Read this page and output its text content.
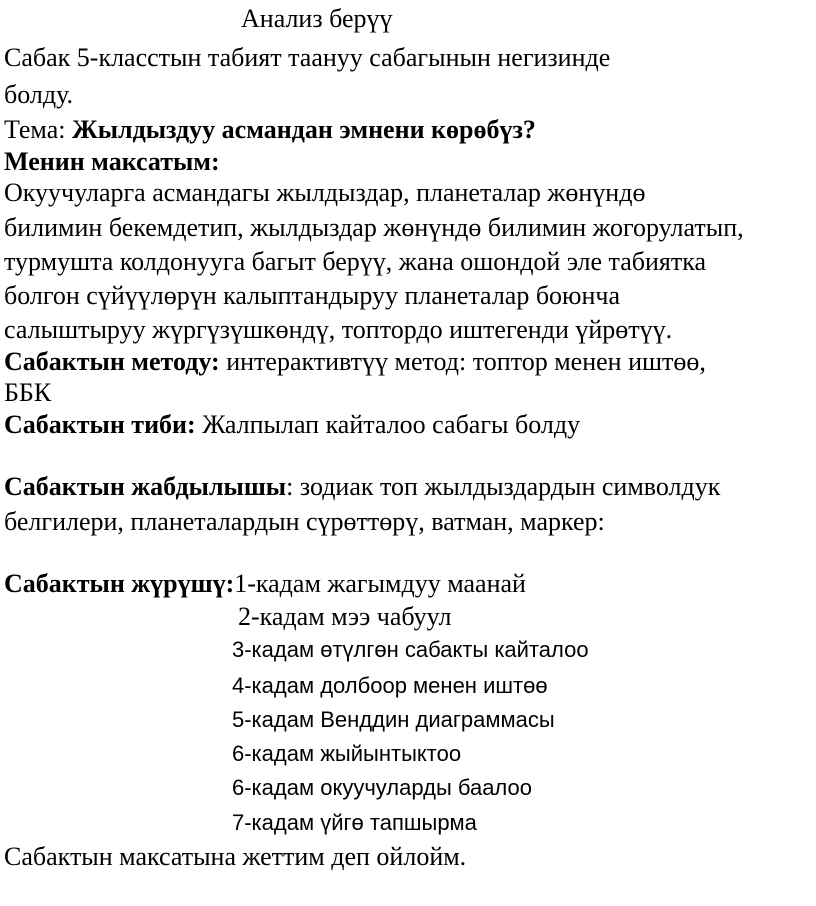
Анализ берүү
Сабак 5-класстын табият таануу сабагынын негизинде
болду.
Тема: Жылдыздуу асмандан эмнени көрөбүз?
Менин максатым:
Окуучуларга асмандагы жылдыздар, планеталар жөнүндө
билимин бекемдетип, жылдыздар жөнүндө билимин жогорулатып,
турмушта колдонууга багыт берүү, жана ошондой эле табиятка
болгон сүйүүлөрүн калыптандыруу планеталар боюнча
салыштыруу жүргүзүшкөндү, топтордо иштегенди үйрөтүү.
Сабактын методу: интерактивтүү метод: топтор менен иштөө,
ББК
Сабактын тиби: Жалпылап кайталоо сабагы болду
Сабактын жабдылышы: зодиак топ жылдыздардын символдук
белгилери, планеталардын сүрөттөрү, ватман, маркер:
Сабактын жүрүшү:1-кадам жагымдуу маанай
2-кадам мээ чабуул
3-кадам өтүлгөн сабакты кайталоо
4-кадам долбоор менен иштөө
5-кадам Венддин диаграммасы
6-кадам жыйынтыктоо
6-кадам окуучуларды баалоо
7-кадам үйгө тапшырма
Сабактын максатына жеттим деп ойлойм.
